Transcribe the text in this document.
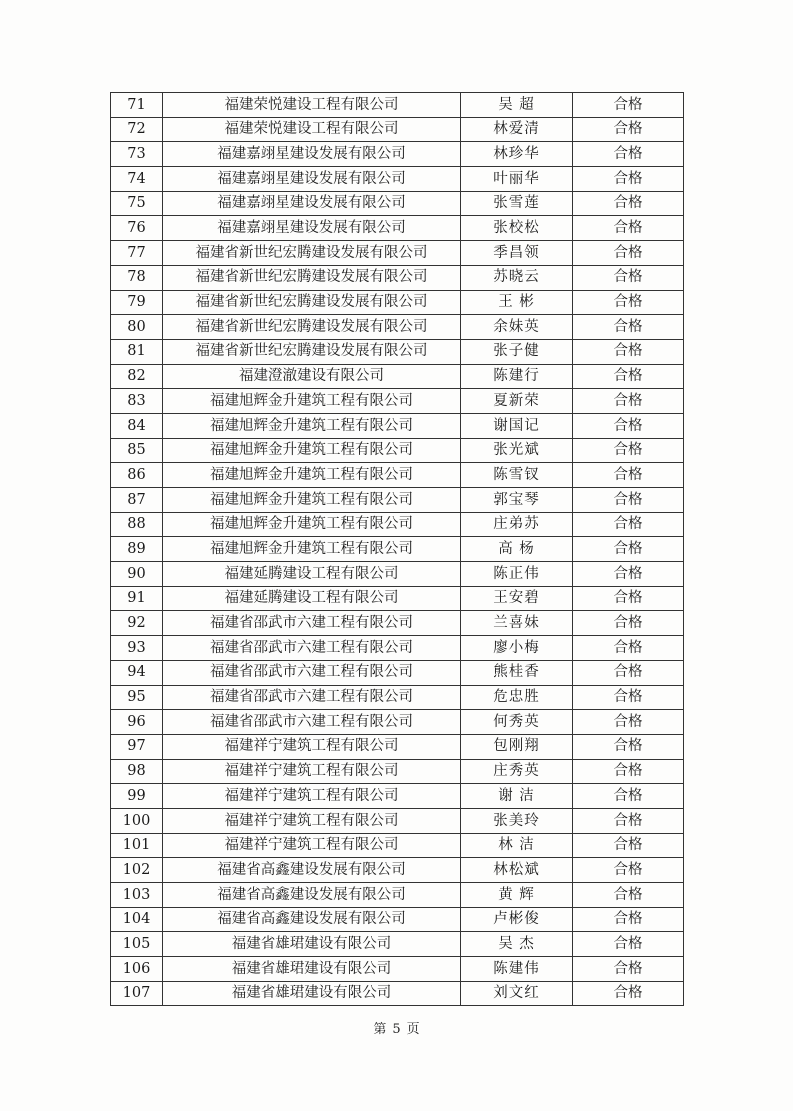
71	福建荣悦建设工程有限公司	吴 超	合格
72	福建荣悦建设工程有限公司	林爱清	合格
73	福建嘉翊星建设发展有限公司	林珍华	合格
74	福建嘉翊星建设发展有限公司	叶丽华	合格
75	福建嘉翊星建设发展有限公司	张雪莲	合格
76	福建嘉翊星建设发展有限公司	张校松	合格
77	福建省新世纪宏腾建设发展有限公司	季昌领	合格
78	福建省新世纪宏腾建设发展有限公司	苏晓云	合格
79	福建省新世纪宏腾建设发展有限公司	王 彬	合格
80	福建省新世纪宏腾建设发展有限公司	余妹英	合格
81	福建省新世纪宏腾建设发展有限公司	张子健	合格
82	福建澄澈建设有限公司	陈建行	合格
83	福建旭辉金升建筑工程有限公司	夏新荣	合格
84	福建旭辉金升建筑工程有限公司	谢国记	合格
85	福建旭辉金升建筑工程有限公司	张光斌	合格
86	福建旭辉金升建筑工程有限公司	陈雪钗	合格
87	福建旭辉金升建筑工程有限公司	郭宝琴	合格
88	福建旭辉金升建筑工程有限公司	庄弟苏	合格
89	福建旭辉金升建筑工程有限公司	高 杨	合格
90	福建延腾建设工程有限公司	陈正伟	合格
91	福建延腾建设工程有限公司	王安碧	合格
92	福建省邵武市六建工程有限公司	兰喜妹	合格
93	福建省邵武市六建工程有限公司	廖小梅	合格
94	福建省邵武市六建工程有限公司	熊桂香	合格
95	福建省邵武市六建工程有限公司	危忠胜	合格
96	福建省邵武市六建工程有限公司	何秀英	合格
97	福建祥宁建筑工程有限公司	包刚翔	合格
98	福建祥宁建筑工程有限公司	庄秀英	合格
99	福建祥宁建筑工程有限公司	谢 洁	合格
100	福建祥宁建筑工程有限公司	张美玲	合格
101	福建祥宁建筑工程有限公司	林 洁	合格
102	福建省高鑫建设发展有限公司	林松斌	合格
103	福建省高鑫建设发展有限公司	黄 辉	合格
104	福建省高鑫建设发展有限公司	卢彬俊	合格
105	福建省雄珺建设有限公司	吴 杰	合格
106	福建省雄珺建设有限公司	陈建伟	合格
107	福建省雄珺建设有限公司	刘文红	合格
第 5 页
